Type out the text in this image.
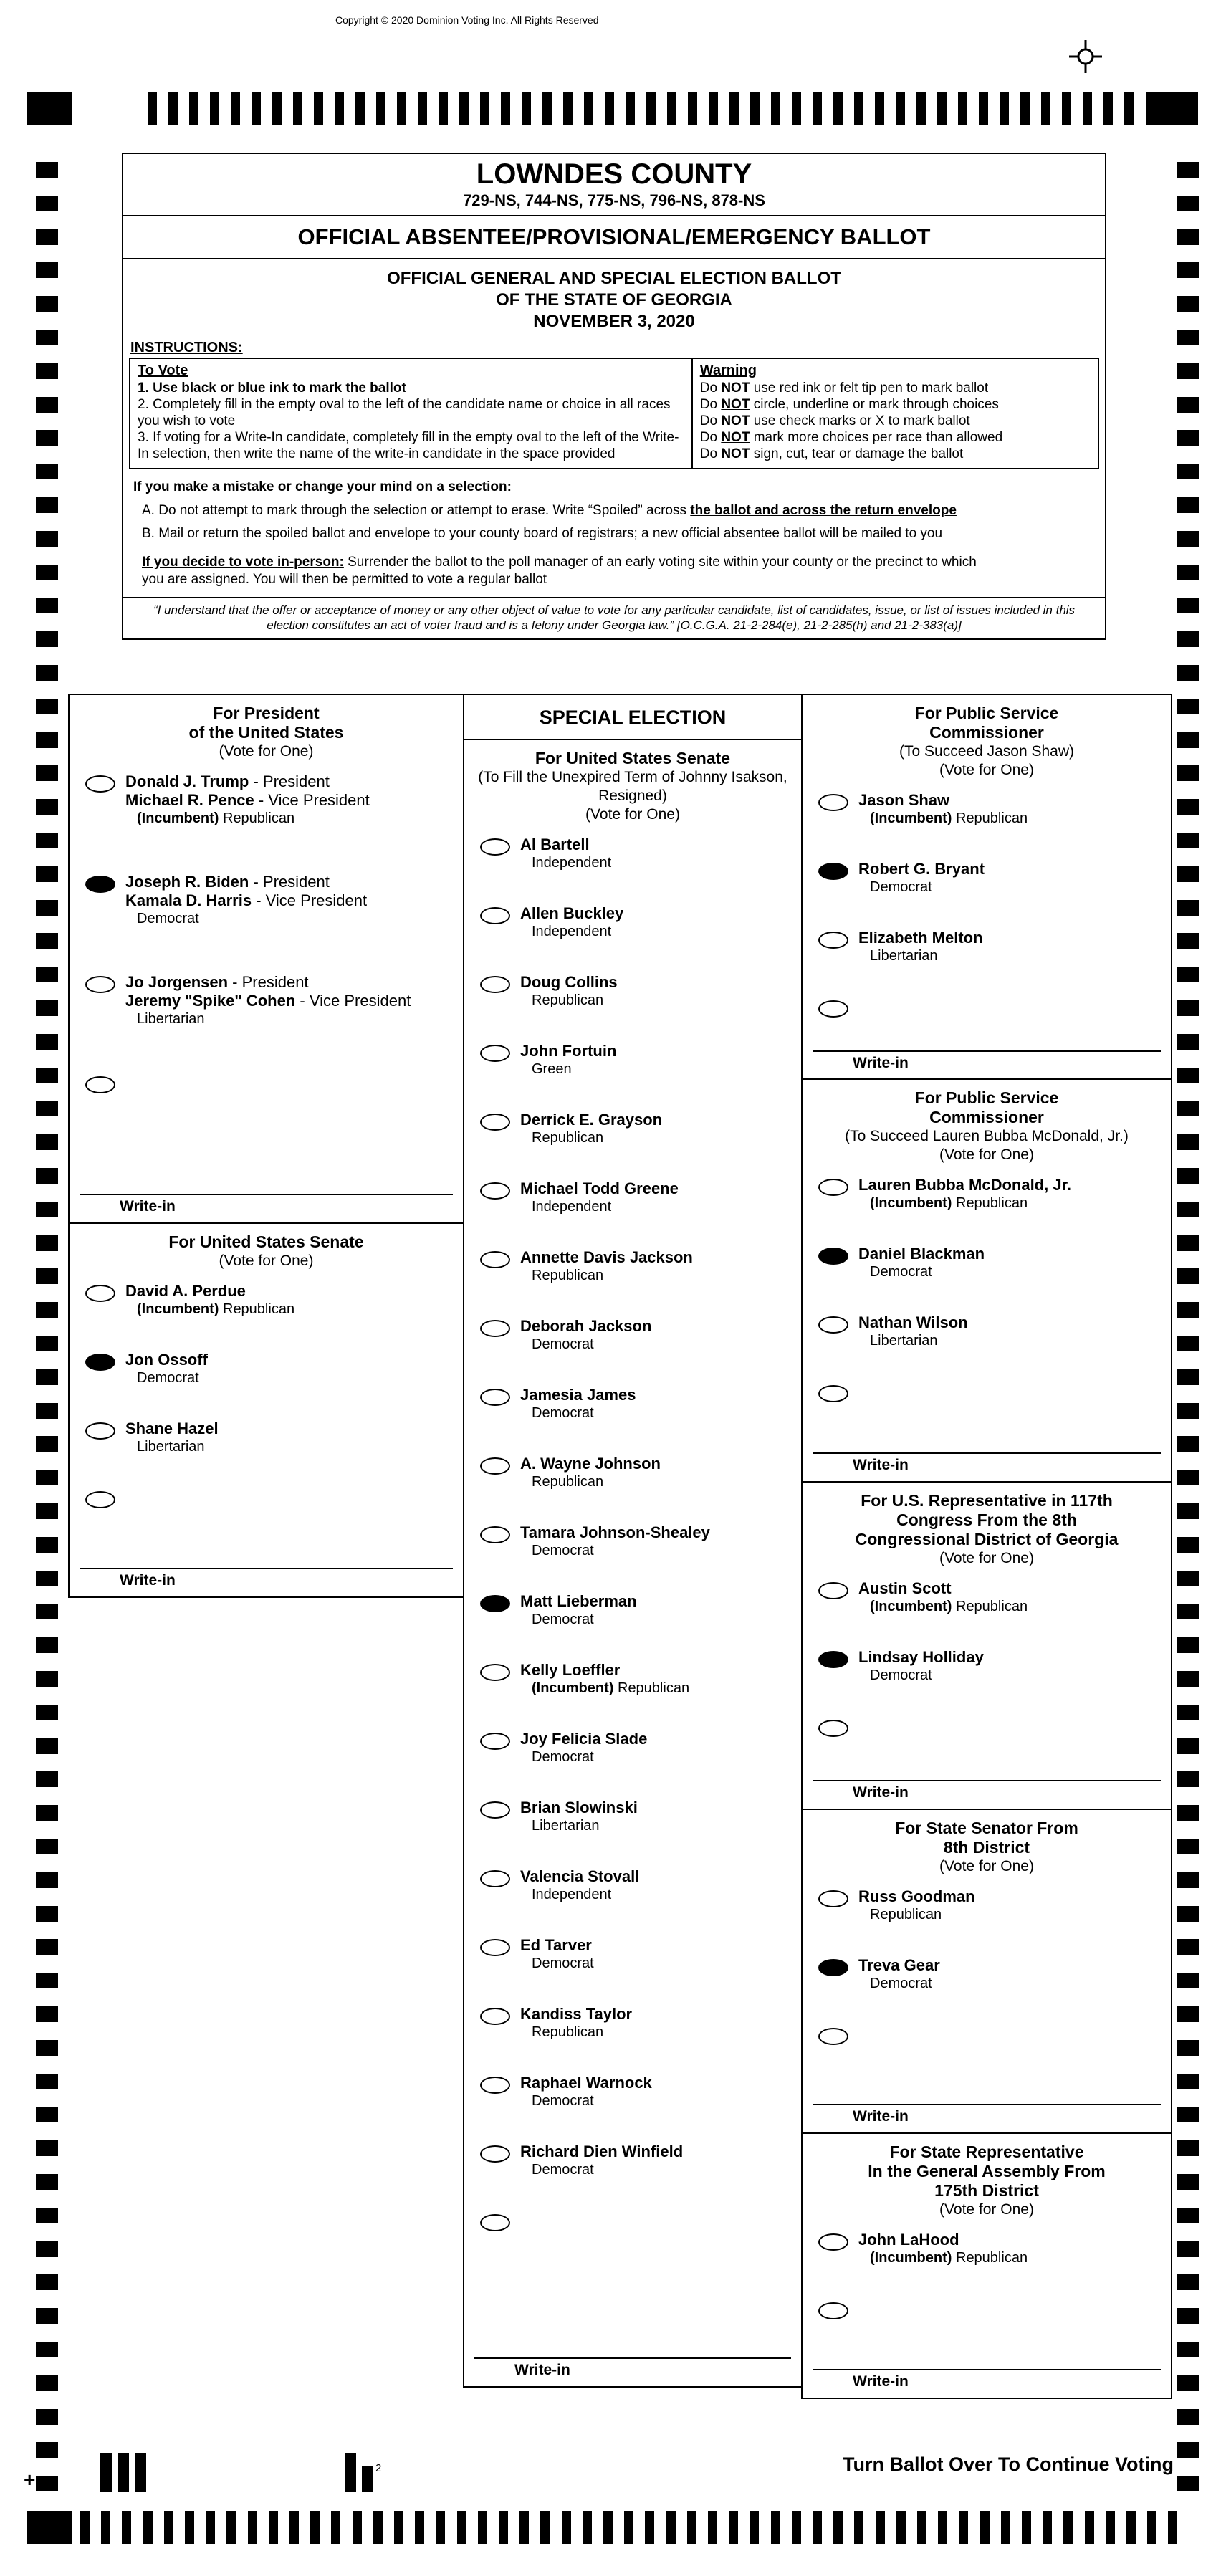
Copyright © 2020 Dominion Voting Inc. All Rights Reserved
LOWNDES COUNTY
729-NS, 744-NS, 775-NS, 796-NS, 878-NS
OFFICIAL ABSENTEE/PROVISIONAL/EMERGENCY BALLOT
OFFICIAL GENERAL AND SPECIAL ELECTION BALLOT
OF THE STATE OF GEORGIA
NOVEMBER 3, 2020
INSTRUCTIONS:
To Vote
1. Use black or blue ink to mark the ballot
2. Completely fill in the empty oval to the left of the candidate name or choice in all races you wish to vote
3. If voting for a Write-In candidate, completely fill in the empty oval to the left of the Write-In selection, then write the name of the write-in candidate in the space provided
Warning
Do NOT use red ink or felt tip pen to mark ballot
Do NOT circle, underline or mark through choices
Do NOT use check marks or X to mark ballot
Do NOT mark more choices per race than allowed
Do NOT sign, cut, tear or damage the ballot
If you make a mistake or change your mind on a selection:
A. Do not attempt to mark through the selection or attempt to erase. Write “Spoiled” across the ballot and across the return envelope
B. Mail or return the spoiled ballot and envelope to your county board of registrars; a new official absentee ballot will be mailed to you
If you decide to vote in-person: Surrender the ballot to the poll manager of an early voting site within your county or the precinct to which you are assigned. You will then be permitted to vote a regular ballot
“I understand that the offer or acceptance of money or any other object of value to vote for any particular candidate, list of candidates, issue, or list of issues included in this election constitutes an act of voter fraud and is a felony under Georgia law.” [O.C.G.A. 21-2-284(e), 21-2-285(h) and 21-2-383(a)]
For President
of the United States
(Vote for One)
Donald J. Trump - President
Michael R. Pence - Vice President
(Incumbent) Republican
Joseph R. Biden - President
Kamala D. Harris - Vice President
Democrat
Jo Jorgensen - President
Jeremy "Spike" Cohen - Vice President
Libertarian
Write-in
For United States Senate
(Vote for One)
David A. Perdue
(Incumbent) Republican
Jon Ossoff
Democrat
Shane Hazel
Libertarian
Write-in
SPECIAL ELECTION
For United States Senate
(To Fill the Unexpired Term of Johnny Isakson, Resigned)
(Vote for One)
Al Bartell
Independent
Allen Buckley
Independent
Doug Collins
Republican
John Fortuin
Green
Derrick E. Grayson
Republican
Michael Todd Greene
Independent
Annette Davis Jackson
Republican
Deborah Jackson
Democrat
Jamesia James
Democrat
A. Wayne Johnson
Republican
Tamara Johnson-Shealey
Democrat
Matt Lieberman
Democrat
Kelly Loeffler
(Incumbent) Republican
Joy Felicia Slade
Democrat
Brian Slowinski
Libertarian
Valencia Stovall
Independent
Ed Tarver
Democrat
Kandiss Taylor
Republican
Raphael Warnock
Democrat
Richard Dien Winfield
Democrat
Write-in
For Public Service
Commissioner
(To Succeed Jason Shaw)
(Vote for One)
Jason Shaw
(Incumbent) Republican
Robert G. Bryant
Democrat
Elizabeth Melton
Libertarian
Write-in
For Public Service
Commissioner
(To Succeed Lauren Bubba McDonald, Jr.)
(Vote for One)
Lauren Bubba McDonald, Jr.
(Incumbent) Republican
Daniel Blackman
Democrat
Nathan Wilson
Libertarian
Write-in
For U.S. Representative in 117th
Congress From the 8th
Congressional District of Georgia
(Vote for One)
Austin Scott
(Incumbent) Republican
Lindsay Holliday
Democrat
Write-in
For State Senator From
8th District
(Vote for One)
Russ Goodman
Republican
Treva Gear
Democrat
Write-in
For State Representative
In the General Assembly From
175th District
(Vote for One)
John LaHood
(Incumbent) Republican
Write-in
Turn Ballot Over To Continue Voting
+
2
